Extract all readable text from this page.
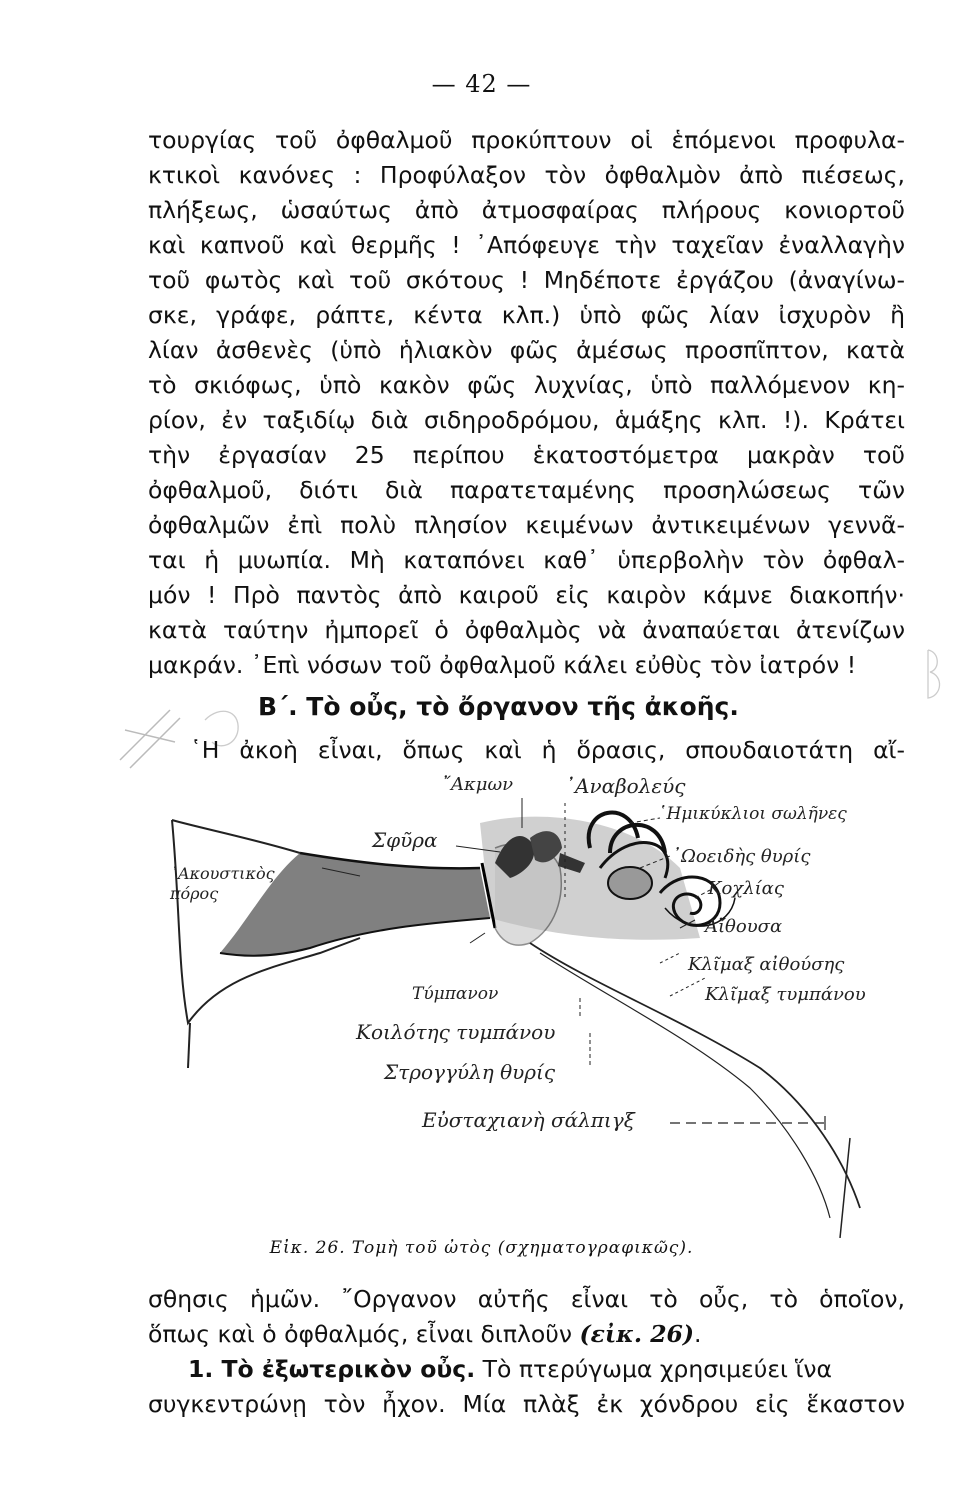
— 42 —
τουργίας τοῦ ὀφθαλμοῦ προκύπτουν οἱ ἑπόμενοι προφυλα-
κτικοὶ κανόνες : Προφύλαξον τὸν ὀφθαλμὸν ἀπὸ πιέσεως,
πλήξεως, ὡσαύτως ἀπὸ ἀτμοσφαίρας πλήρους κονιορτοῦ
καὶ καπνοῦ καὶ θερμῆς ! ᾿Απόφευγε τὴν ταχεῖαν ἐναλλαγὴν
τοῦ φωτὸς καὶ τοῦ σκότους ! Μηδέποτε ἐργάζου (ἀναγίνω-
σκε, γράφε, ράπτε, κέντα κλπ.) ὑπὸ φῶς λίαν ἰσχυρὸν ἢ
λίαν ἀσθενὲς (ὑπὸ ἡλιακὸν φῶς ἀμέσως προσπῖπτον, κατὰ
τὸ σκιόφως, ὑπὸ κακὸν φῶς λυχνίας, ὑπὸ παλλόμενον κη-
ρίον, ἐν ταξιδίῳ διὰ σιδηροδρόμου, ἁμάξης κλπ. !). Κράτει
τὴν ἐργασίαν 25 περίπου ἑκατοστόμετρα μακρὰν τοῦ
ὀφθαλμοῦ, διότι διὰ παρατεταμένης προσηλώσεως τῶν
ὀφθαλμῶν ἐπὶ πολὺ πλησίον κειμένων ἀντικειμένων γεννᾶ-
ται ἡ μυωπία. Μὴ καταπόνει καθ᾿ ὑπερβολὴν τὸν ὀφθαλ-
μόν ! Πρὸ παντὸς ἀπὸ καιροῦ εἰς καιρὸν κάμνε διακοπήν·
κατὰ ταύτην ἠμπορεῖ ὁ ὀφθαλμὸς νὰ ἀναπαύεται ἀτενίζων
μακράν. ᾿Επὶ νόσων τοῦ ὀφθαλμοῦ κάλει εὐθὺς τὸν ἰατρόν !
Β΄. Τὸ οὖς, τὸ ὄργανον τῆς ἀκοῆς.
῾Η ἀκοὴ εἶναι, ὅπως καὶ ἡ ὅρασις, σπουδαιοτάτη αἴ-
῎Ακμων	᾿Αναβολεύς
Σφῦρα
᾿Ακουστικὸς πόρος
῾Ημικύκλιοι σωλῆνες
᾿Ωοειδὴς θυρίς
Κοχλίας
Αἴθουσα
Κλῖμαξ αἰθούσης
Κλῖμαξ τυμπάνου
Τύμπανον
Κοιλότης τυμπάνου
Στρογγύλη θυρίς
Εὐσταχιανὴ σάλπιγξ
Εἰκ. 26. Τομὴ τοῦ ὠτὸς (σχηματογραφικῶς).
σθησις ἡμῶν. ῎Οργανον αὐτῆς εἶναι τὸ οὖς, τὸ ὁποῖον,
ὅπως καὶ ὁ ὀφθαλμός, εἶναι διπλοῦν (εἰκ. 26).
1. Τὸ ἐξωτερικὸν οὖς. Τὸ πτερύγωμα χρησιμεύει ἵνα
συγκεντρώνῃ τὸν ἦχον. Μία πλὰξ ἐκ χόνδρου εἰς ἕκαστον
